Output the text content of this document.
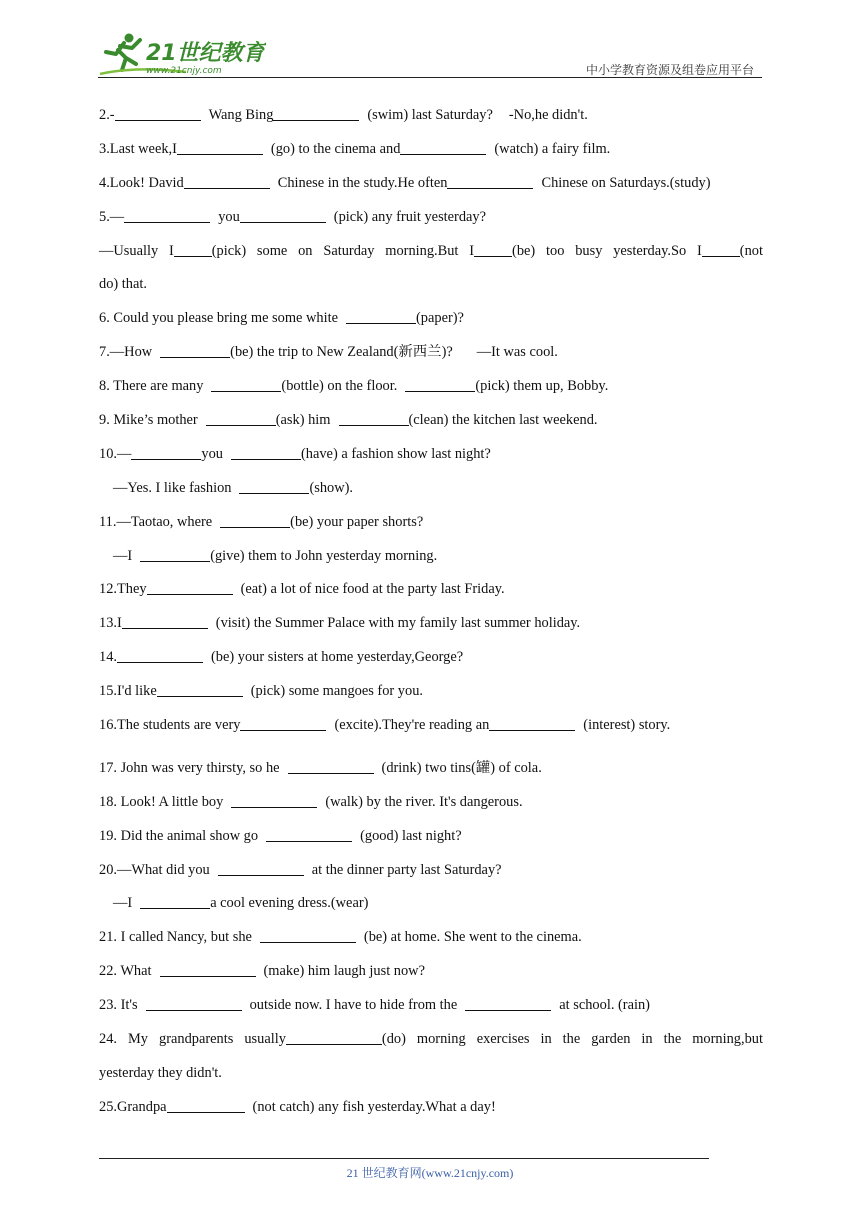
21世纪教育
www.21cnjy.com	中小学教育资源及组卷应用平台
2.-	Wang Bing	(swim) last Saturday? -No,he didn't.
3.Last week,I	(go) to the cinema and	(watch) a fairy film.
4.Look! David	Chinese in the study.He often	Chinese on Saturdays.(study)
5.—	you	(pick) any fruit yesterday?
—Usually I	(pick) some on Saturday morning.But I	(be) too busy yesterday.So I	(not
do) that.
6. Could you please bring me some white	(paper)?
7.—How	(be) the trip to New Zealand(新西兰)? —It was cool.
8. There are many	(bottle) on the floor.	(pick) them up, Bobby.
9. Mike’s mother	(ask) him	(clean) the kitchen last weekend.
10.—	you	(have) a fashion show last night?
—Yes. I like fashion	(show).
11.—Taotao, where	(be) your paper shorts?
—I	(give) them to John yesterday morning.
12.They	(eat) a lot of nice food at the party last Friday.
13.I	(visit) the Summer Palace with my family last summer holiday.
14.	(be) your sisters at home yesterday,George?
15.I'd like	(pick) some mangoes for you.
16.The students are very	(excite).They're reading an	(interest) story.
17. John was very thirsty, so he	(drink) two tins(罐) of cola.
18. Look! A little boy	(walk) by the river. It's dangerous.
19. Did the animal show go	(good) last night?
20.—What did you	at the dinner party last Saturday?
—I	a cool evening dress.(wear)
21. I called Nancy, but she	(be) at home. She went to the cinema.
22. What	(make) him laugh just now?
23. It's	outside now. I have to hide from the	at school. (rain)
24. My grandparents usually	(do) morning exercises in the garden in the morning,but
yesterday they didn't.
25.Grandpa	(not catch) any fish yesterday.What a day!
21 世纪教育网(www.21cnjy.com)
